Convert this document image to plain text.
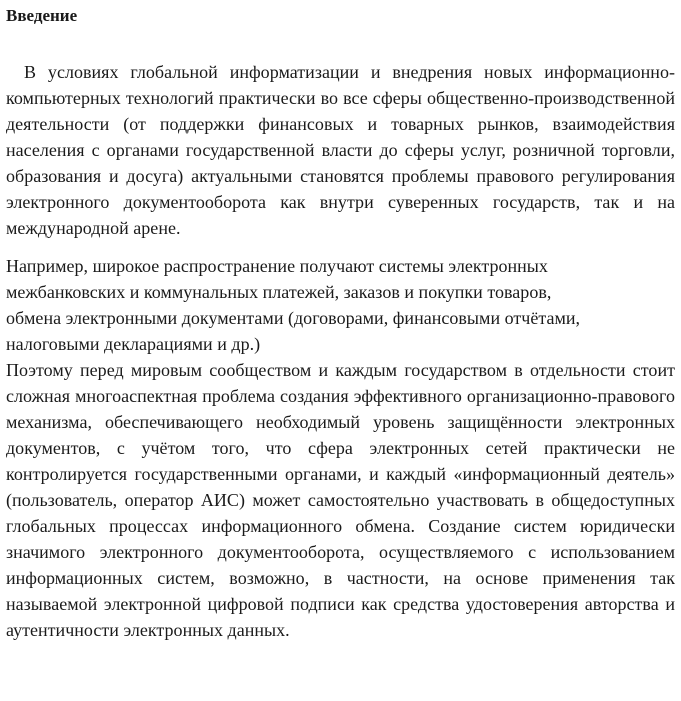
Введение

В условиях глобальной информатизации и внедрения новых информационно-компьютерных технологий практически во все сферы общественно-производственной деятельности (от поддержки финансовых и товарных рынков, взаимодействия населения с органами государственной власти до сферы услуг, розничной торговли, образования и досуга) актуальными становятся проблемы правового регулирования электронного документооборота как внутри суверенных государств, так и на международной арене.

Например, широкое распространение получают системы электронных
межбанковских и коммунальных платежей, заказов и покупки товаров,
обмена электронными документами (договорами, финансовыми отчётами,
налоговыми декларациями и др.)

Поэтому перед мировым сообществом и каждым государством в отдельности стоит сложная многоаспектная проблема создания эффективного организационно-правового механизма, обеспечивающего необходимый уровень защищённости электронных документов, с учётом того, что сфера электронных сетей практически не контролируется государственными органами, и каждый «информационный деятель» (пользователь, оператор АИС) может самостоятельно участвовать в общедоступных глобальных процессах информационного обмена. Создание систем юридически значимого электронного документооборота, осуществляемого с использованием информационных систем, возможно, в частности, на основе применения так называемой электронной цифровой подписи как средства удостоверения авторства и аутентичности электронных данных.
